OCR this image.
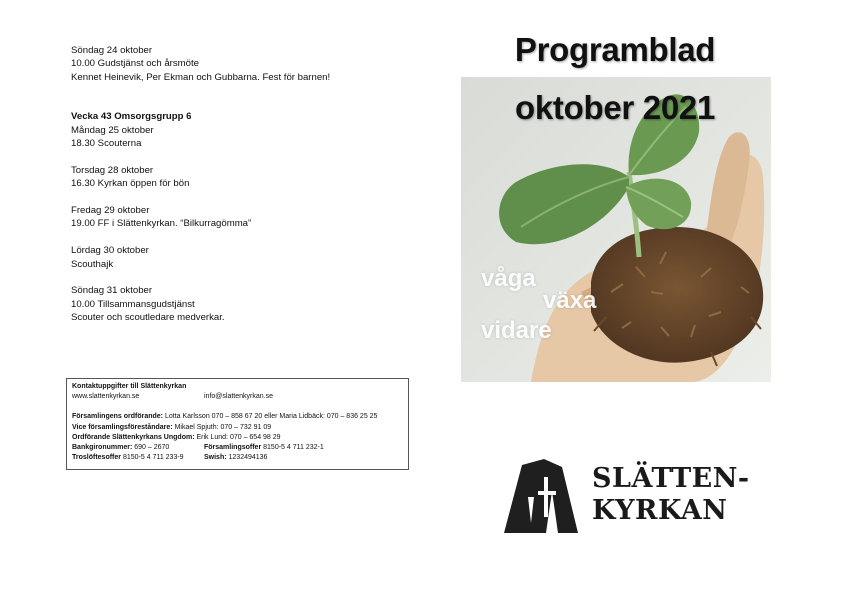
Söndag 24 oktober
10.00 Gudstjänst och årsmöte
Kennet Heinevik, Per Ekman och Gubbarna. Fest för barnen!
Vecka 43 Omsorgsgrupp 6
Måndag 25 oktober
18.30 Scouterna
Torsdag 28 oktober
16.30 Kyrkan öppen för bön
Fredag 29 oktober
19.00 FF i Slättenkyrkan. “Bilkurragömma”
Lördag 30 oktober
Scouthajk
Söndag 31 oktober
10.00 Tillsammansgudstjänst
Scouter och scoutledare medverkar.
Kontaktuppgifter till Slättenkyrkan
www.slattenkyrkan.se	info@slattenkyrkan.se
Församlingens ordförande: Lotta Karlsson 070 – 858 67 20 eller Maria Lidbäck: 070 – 836 25 25
Vice församlingsföreståndare: Mikael Spjuth: 070 – 732 91 09
Ordförande Slättenkyrkans Ungdom: Erik Lund: 070 – 654 98 29
Bankgironummer: 690 – 2670	Församlingsoffer 8150-5 4 711 232-1
Troslöftesoffer 8150-5 4 711 233-9	Swish: 1232494136
våga
växa
vidare
Programblad
oktober 2021
SLÄTTEN-
KYRKAN
